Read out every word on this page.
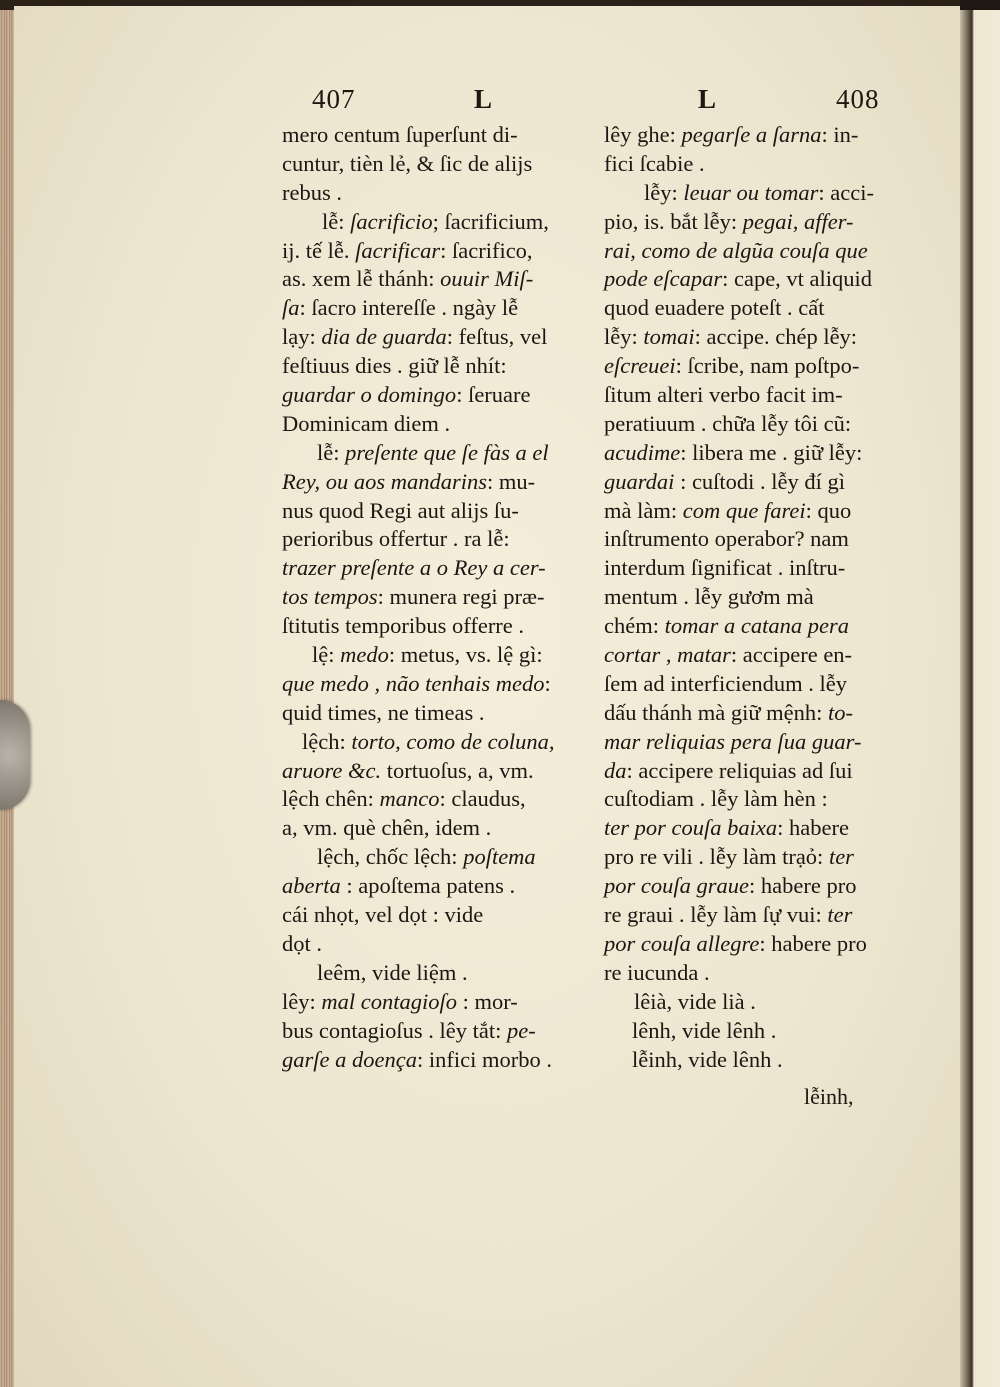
407	L	L	408
mero centum ſuperſunt di-
cuntur, tièn lẻ, & ſic de alijs
rebus .
lễ: ſacrificio; ſacrificium,
ij. tế lễ. ſacrificar: ſacrifico,
as. xem lễ thánh: ouuir Miſ-
ſa: ſacro intereſſe . ngày lễ
lạy: dia de guarda: feſtus, vel
feſtiuus dies . giữ lễ nhít:
guardar o domingo: ſeruare
Dominicam diem .
lễ: preſente que ſe fàs a el
Rey, ou aos mandarins: mu-
nus quod Regi aut alijs ſu-
perioribus offertur . ra lễ:
trazer preſente a o Rey a cer-
tos tempos: munera regi præ-
ſtitutis temporibus offerre .
lệ: medo: metus, vs. lệ gì:
que medo , não tenhais medo:
quid times, ne timeas .
lệch: torto, como de coluna,
aruore &c. tortuoſus, a, vm.
lệch chên: manco: claudus,
a, vm. què chên, idem .
lệch, chốc lệch: poſtema
aberta : apoſtema patens .
cái nhọt, vel dọt : vide
dọt .
leêm, vide liệm .
lêy: mal contagioſo : mor-
bus contagioſus . lêy tắt: pe-
garſe a doença: infici morbo .
lêy ghe: pegarſe a ſarna: in-
fici ſcabie .
lễy: leuar ou tomar: acci-
pio, is. bắt lễy: pegai, affer-
rai, como de algũa couſa que
pode eſcapar: cape, vt aliquid
quod euadere poteſt . cất
lễy: tomai: accipe. chép lễy:
eſcreuei: ſcribe, nam poſtpo-
ſitum alteri verbo facit im-
peratiuum . chữa lễy tôi cũ:
acudime: libera me . giữ lễy:
guardai : cuſtodi . lễy đí gì
mà làm: com que farei: quo
inſtrumento operabor? nam
interdum ſignificat . inſtru-
mentum . lễy gươm mà
chém: tomar a catana pera
cortar , matar: accipere en-
ſem ad interficiendum . lễy
dấu thánh mà giữ mệnh: to-
mar reliquias pera ſua guar-
da: accipere reliquias ad ſui
cuſtodiam . lễy làm hèn :
ter por couſa baixa: habere
pro re vili . lễy làm trạỏ: ter
por couſa graue: habere pro
re graui . lễy làm ſự vui: ter
por couſa allegre: habere pro
re iucunda .
lêià, vide lià .
lênh, vide lênh .
lễinh, vide lênh .
lễinh,
